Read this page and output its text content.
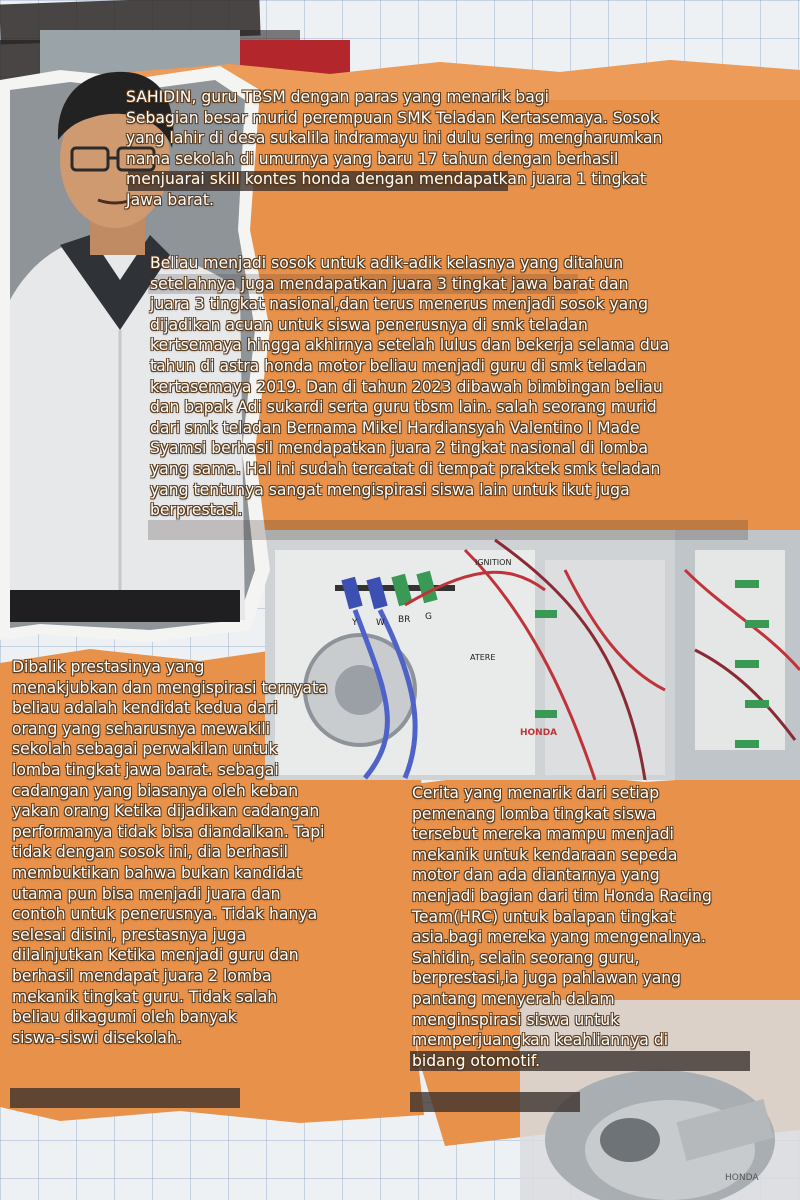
Y W BR G
IGNITION
ATERE
HONDA
HONDA

SAHIDIN, guru TBSM dengan paras yang menarik bagi
Sebagian besar murid perempuan SMK Teladan Kertasemaya. Sosok
yang lahir di desa sukalila indramayu ini dulu sering mengharumkan
nama sekolah di umurnya yang baru 17 tahun dengan berhasil
menjuarai skill kontes honda dengan mendapatkan juara 1 tingkat
Jawa barat.

Beliau menjadi sosok untuk adik-adik kelasnya yang ditahun
setelahnya juga mendapatkan juara 3 tingkat jawa barat dan
juara 3 tingkat nasional,dan terus menerus menjadi sosok yang
dijadikan acuan untuk siswa penerusnya di smk teladan
kertsemaya hingga akhirnya setelah lulus dan bekerja selama dua
tahun di astra honda motor beliau menjadi guru di smk teladan
kertasemaya 2019. Dan di tahun 2023 dibawah bimbingan beliau
dan bapak Adi sukardi serta guru tbsm lain. salah seorang murid
dari smk teladan Bernama Mikel Hardiansyah Valentino I Made
Syamsi berhasil mendapatkan juara 2 tingkat nasional di lomba
yang sama. Hal ini sudah tercatat di tempat praktek smk teladan
yang tentunya sangat mengispirasi siswa lain untuk ikut juga
berprestasi.

Dibalik prestasinya yang
menakjubkan dan mengispirasi ternyata
beliau adalah kendidat kedua dari
orang yang seharusnya mewakili
sekolah sebagai perwakilan untuk
lomba tingkat jawa barat. sebagai
cadangan yang biasanya oleh keban
yakan orang Ketika dijadikan cadangan
performanya tidak bisa diandalkan. Tapi
tidak dengan sosok ini, dia berhasil
membuktikan bahwa bukan kandidat
utama pun bisa menjadi juara dan
contoh untuk penerusnya. Tidak hanya
selesai disini, prestasnya juga
dilalnjutkan Ketika menjadi guru dan
berhasil mendapat juara 2 lomba
mekanik tingkat guru. Tidak salah
beliau dikagumi oleh banyak
siswa-siswi disekolah.

Cerita yang menarik dari setiap
pemenang lomba tingkat siswa
tersebut mereka mampu menjadi
mekanik untuk kendaraan sepeda
motor dan ada diantarnya yang
menjadi bagian dari tim Honda Racing
Team(HRC) untuk balapan tingkat
asia.bagi mereka yang mengenalnya.
Sahidin, selain seorang guru,
berprestasi,ia juga pahlawan yang
pantang menyerah dalam
menginspirasi siswa untuk
memperjuangkan keahliannya di
bidang otomotif.
